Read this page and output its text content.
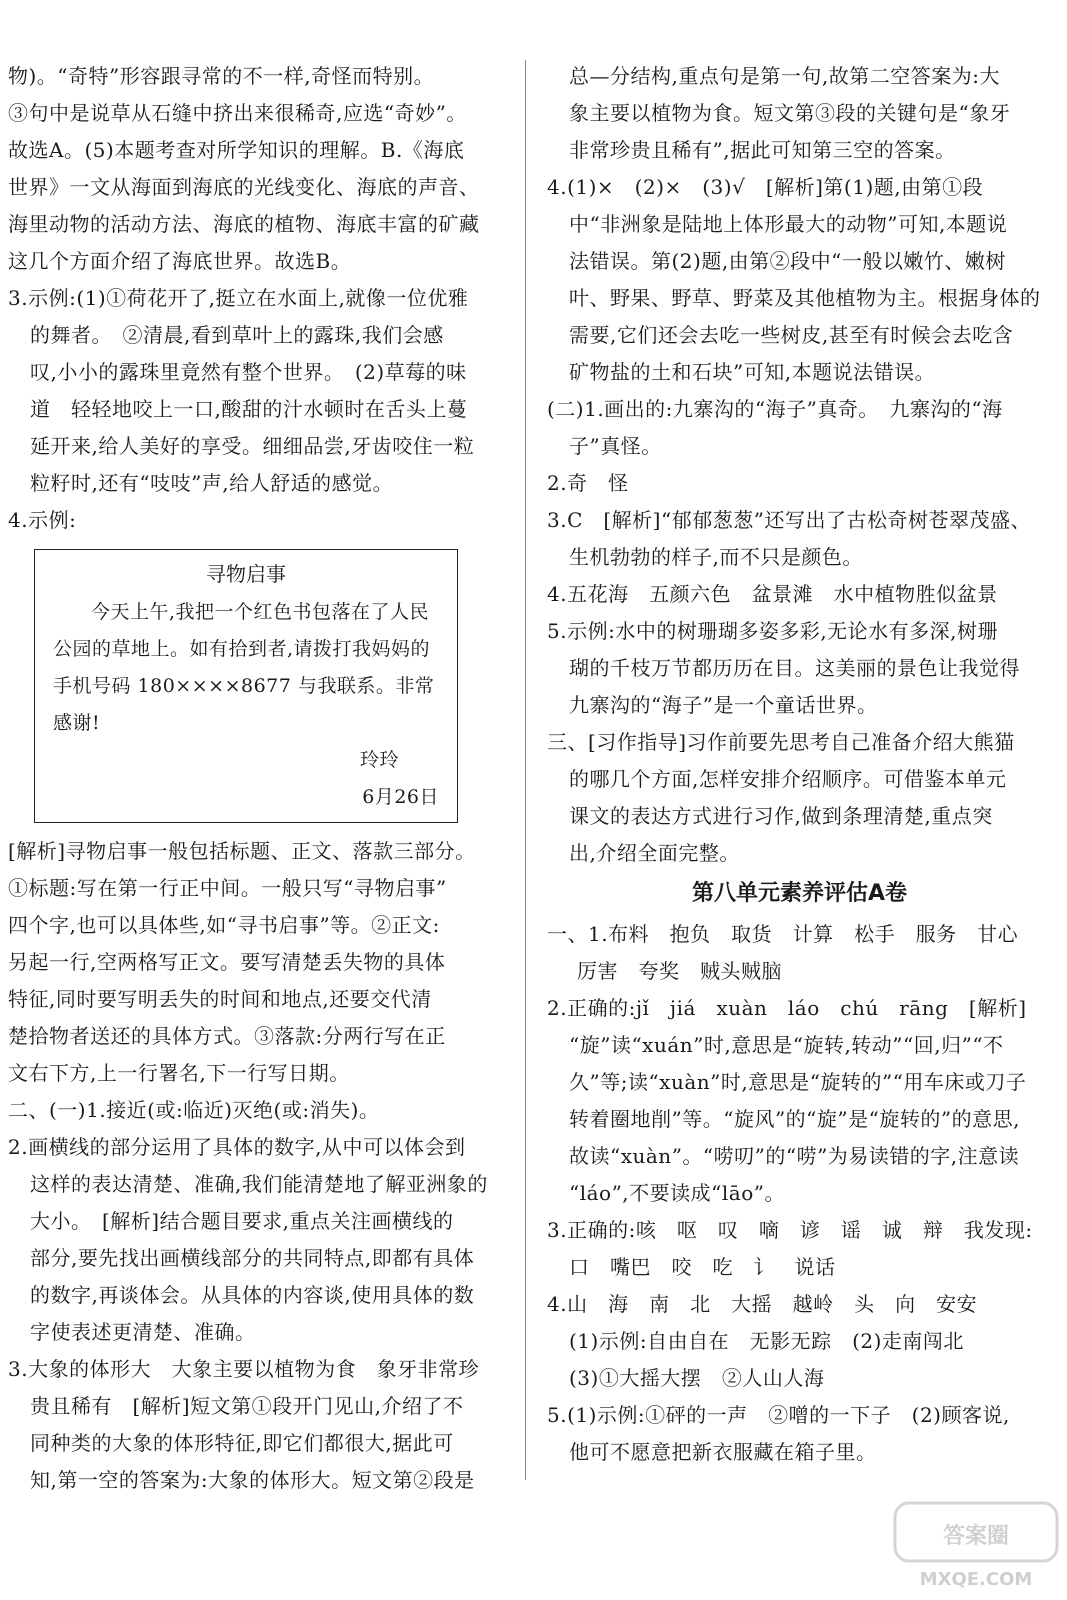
物)。“奇特”形容跟寻常的不一样,奇怪而特别。
③句中是说草从石缝中挤出来很稀奇,应选“奇妙”。
故选A。(5)本题考查对所学知识的理解。B.《海底
世界》一文从海面到海底的光线变化、海底的声音、
海里动物的活动方法、海底的植物、海底丰富的矿藏
这几个方面介绍了海底世界。故选B。
3.示例:(1)①荷花开了,挺立在水面上,就像一位优雅
的舞者。　②清晨,看到草叶上的露珠,我们会感
叹,小小的露珠里竟然有整个世界。　(2)草莓的味
道　轻轻地咬上一口,酸甜的汁水顿时在舌头上蔓
延开来,给人美好的享受。细细品尝,牙齿咬住一粒
粒籽时,还有“吱吱”声,给人舒适的感觉。
4.示例:
寻物启事
今天上午,我把一个红色书包落在了人民
公园的草地上。如有拾到者,请拨打我妈妈的
手机号码 180××××8677 与我联系。非常
感谢!
玲玲
6月26日
[解析]寻物启事一般包括标题、正文、落款三部分。
①标题:写在第一行正中间。一般只写“寻物启事”
四个字,也可以具体些,如“寻书启事”等。②正文:
另起一行,空两格写正文。要写清楚丢失物的具体
特征,同时要写明丢失的时间和地点,还要交代清
楚拾物者送还的具体方式。③落款:分两行写在正
文右下方,上一行署名,下一行写日期。
二、(一)1.接近(或:临近)灭绝(或:消失)。
2.画横线的部分运用了具体的数字,从中可以体会到
这样的表达清楚、准确,我们能清楚地了解亚洲象的
大小。　[解析]结合题目要求,重点关注画横线的
部分,要先找出画横线部分的共同特点,即都有具体
的数字,再谈体会。从具体的内容谈,使用具体的数
字使表述更清楚、准确。
3.大象的体形大　大象主要以植物为食　象牙非常珍
贵且稀有　[解析]短文第①段开门见山,介绍了不
同种类的大象的体形特征,即它们都很大,据此可
知,第一空的答案为:大象的体形大。短文第②段是
总—分结构,重点句是第一句,故第二空答案为:大
象主要以植物为食。短文第③段的关键句是“象牙
非常珍贵且稀有”,据此可知第三空的答案。
4.(1)×　(2)×　(3)√　[解析]第(1)题,由第①段
中“非洲象是陆地上体形最大的动物”可知,本题说
法错误。第(2)题,由第②段中“一般以嫩竹、嫩树
叶、野果、野草、野菜及其他植物为主。根据身体的
需要,它们还会去吃一些树皮,甚至有时候会去吃含
矿物盐的土和石块”可知,本题说法错误。
(二)1.画出的:九寨沟的“海子”真奇。　九寨沟的“海
子”真怪。
2.奇　怪
3.C　[解析]“郁郁葱葱”还写出了古松奇树苍翠茂盛、
生机勃勃的样子,而不只是颜色。
4.五花海　五颜六色　盆景滩　水中植物胜似盆景
5.示例:水中的树珊瑚多姿多彩,无论水有多深,树珊
瑚的千枝万节都历历在目。这美丽的景色让我觉得
九寨沟的“海子”是一个童话世界。
三、[习作指导]习作前要先思考自己准备介绍大熊猫
的哪几个方面,怎样安排介绍顺序。可借鉴本单元
课文的表达方式进行习作,做到条理清楚,重点突
出,介绍全面完整。
第八单元素养评估A卷
一、1.布料　抱负　取货　计算　松手　服务　甘心
厉害　夸奖　贼头贼脑
2.正确的:jǐ　jiá　xuàn　láo　chú　rāng　[解析]
“旋”读“xuán”时,意思是“旋转,转动”“回,归”“不
久”等;读“xuàn”时,意思是“旋转的”“用车床或刀子
转着圈地削”等。“旋风”的“旋”是“旋转的”的意思,
故读“xuàn”。“唠叨”的“唠”为易读错的字,注意读
“láo”,不要读成“lāo”。
3.正确的:咳　呕　叹　嘀　谚　谣　诚　辩　我发现:
口　嘴巴　咬　吃　讠　说话
4.山　海　南　北　大摇　越岭　头　向　安安
(1)示例:自由自在　无影无踪　(2)走南闯北
(3)①大摇大摆　②人山人海
5.(1)示例:①砰的一声　②噌的一下子　(2)顾客说,
他可不愿意把新衣服藏在箱子里。
答案圈
MXQE.COM
